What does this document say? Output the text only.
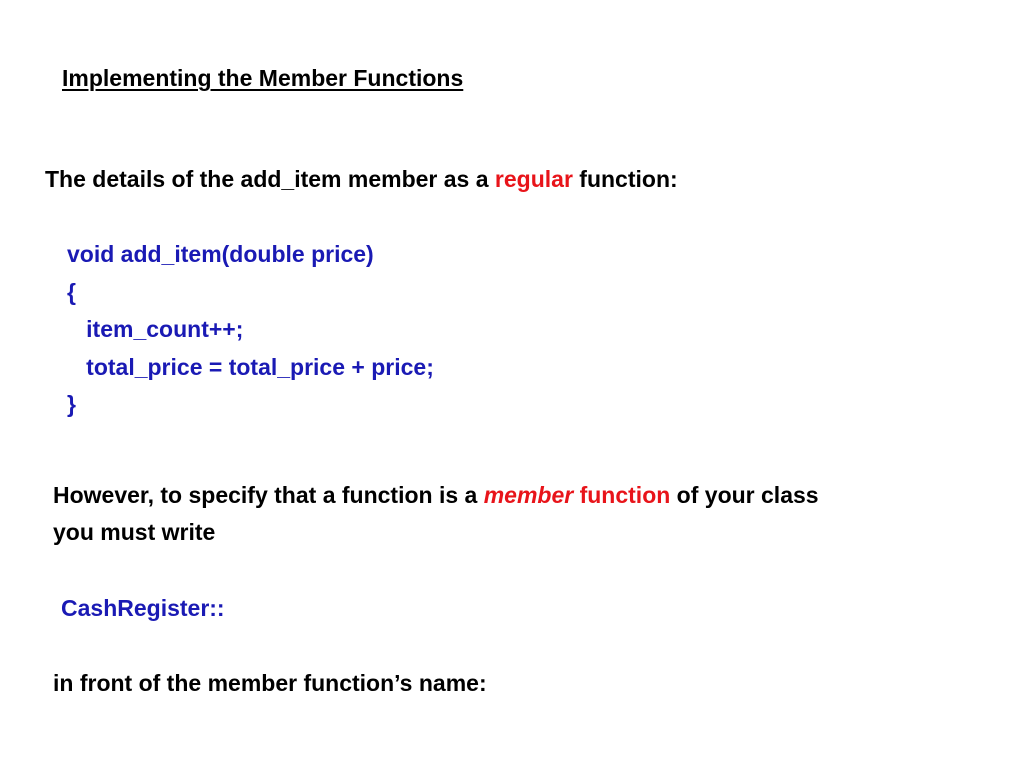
Implementing the Member Functions
The details of the add_item member as a regular function:
void add_item(double price)
{
item_count++;
total_price = total_price + price;
}
However, to specify that a function is a member function of your class
you must write
CashRegister::
in front of the member function’s name:
